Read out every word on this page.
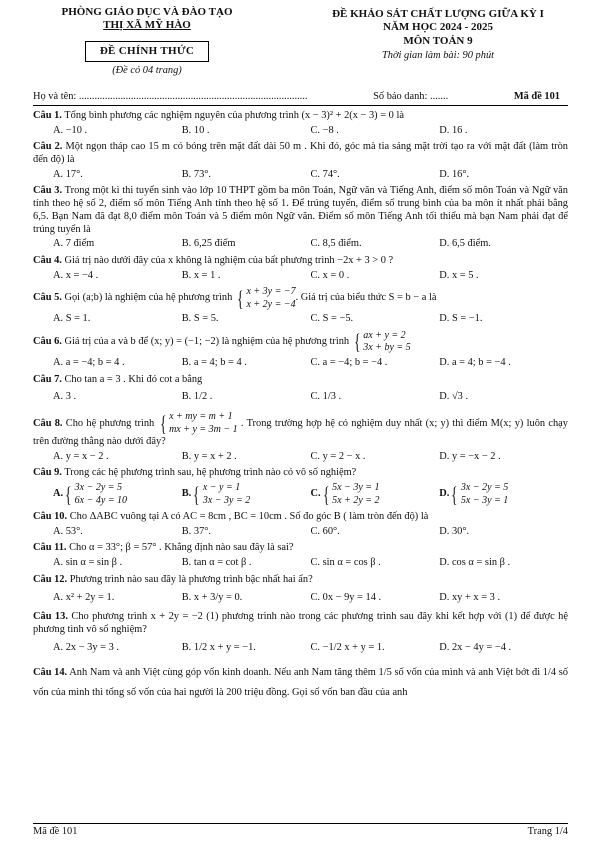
PHÒNG GIÁO DỤC VÀ ĐÀO TẠO
THỊ XÃ MỸ HÀO
ĐỀ CHÍNH THỨC
(Đề có 04 trang)
ĐỀ KHẢO SÁT CHẤT LƯỢNG GIỮA KỲ I
NĂM HỌC 2024 - 2025
MÔN TOÁN 9
Thời gian làm bài: 90 phút
Họ và tên: ........................................................................................	Số báo danh: .......	Mã đề 101
Câu 1. Tổng bình phương các nghiệm nguyên của phương trình (x − 3)² + 2(x − 3) = 0 là
A. −10 .	B. 10 .	C. −8 .	D. 16 .
Câu 2. Một ngọn tháp cao 15 m có bóng trên mặt đất dài 50 m . Khi đó, góc mà tia sáng mặt trời tạo ra với mặt đất (làm tròn đến độ) là
A. 17°.	B. 73°.	C. 74°.	D. 16°.
Câu 3. Trong một kì thi tuyển sinh vào lớp 10 THPT gồm ba môn Toán, Ngữ văn và Tiếng Anh, điểm số môn Toán và Ngữ văn tính theo hệ số 2, điểm số môn Tiếng Anh tính theo hệ số 1. Để trúng tuyển, điểm số trung bình của ba môn ít nhất phải bằng 6,5. Bạn Nam đã đạt 8,0 điểm môn Toán và 5 điểm môn Ngữ văn. Điểm số môn Tiếng Anh tối thiểu mà bạn Nam phải đạt để trúng tuyển là
A. 7 điểm	B. 6,25 điểm	C. 8,5 điểm.	D. 6,5 điểm.
Câu 4. Giá trị nào dưới đây của x không là nghiệm của bất phương trình −2x + 3 > 0 ?
A. x = −4 .	B. x = 1 .	C. x = 0 .	D. x = 5 .
Câu 5.
Gọi (a;b) là nghiệm của hệ phương trình
{ x + 3y = −7
x + 2y = −4
. Giá trị của biểu thức S = b − a là
A. S = 1.	B. S = 5.	C. S = −5.	D. S = −1.
Câu 6.
Giá trị của a và b để (x; y) = (−1; −2) là nghiệm của hệ phương trình
{ ax + y = 2
3x + by = 5
A. a = −4; b = 4 .	B. a = 4; b = 4 .	C. a = −4; b = −4 .	D. a = 4; b = −4 .
Câu 7. Cho tan a = 3 . Khi đó cot a bằng
A. 3 .	B. 1/2 .	C. 1/3 .	D. √3 .
Câu 8. Cho hệ phương trình { x + my = m + 1
mx + y = 3m − 1
. Trong trường hợp hệ có nghiệm duy nhất (x; y) thì điểm M(x; y) luôn chạy trên đường thẳng nào dưới đây?
A. y = x − 2 .	B. y = x + 2 .	C. y = 2 − x .	D. y = −x − 2 .
Câu 9. Trong các hệ phương trình sau, hệ phương trình nào có vô số nghiệm?
A. { 3x − 2y = 5
6x − 4y = 10
B. { x − y = 1
3x − 3y = 2
C. { 5x − 3y = 1
5x + 2y = 2
D. { 3x − 2y = 5
5x − 3y = 1
Câu 10. Cho ΔABC vuông tại A có AC = 8cm , BC = 10cm . Số đo góc B ( làm tròn đến độ) là
A. 53°.	B. 37°.	C. 60°.	D. 30°.
Câu 11. Cho α = 33°; β = 57° . Khẳng định nào sau đây là sai?
A. sin α = sin β .	B. tan α = cot β .	C. sin α = cos β .	D. cos α = sin β .
Câu 12. Phương trình nào sau đây là phương trình bậc nhất hai ẩn?
A. x² + 2y = 1.	B. x + 3/y = 0.	C. 0x − 9y = 14 .	D. xy + x = 3 .
Câu 13. Cho phương trình x + 2y = −2 (1) phương trình nào trong các phương trình sau đây khi kết hợp với (1) để được hệ phương tình vô số nghiệm?
A. 2x − 3y = 3 .	B. 1/2 x + y = −1.	C. −1/2 x + y = 1.	D. 2x − 4y = −4 .
Câu 14. Anh Nam và anh Việt cùng góp vốn kinh doanh. Nếu anh Nam tăng thêm 1/5 số vốn của mình và anh Việt bớt đi 1/4 số vốn của mình thì tổng số vốn của hai người là 200 triệu đồng. Gọi số vốn ban đầu của anh
Mã đề 101	Trang 1/4
